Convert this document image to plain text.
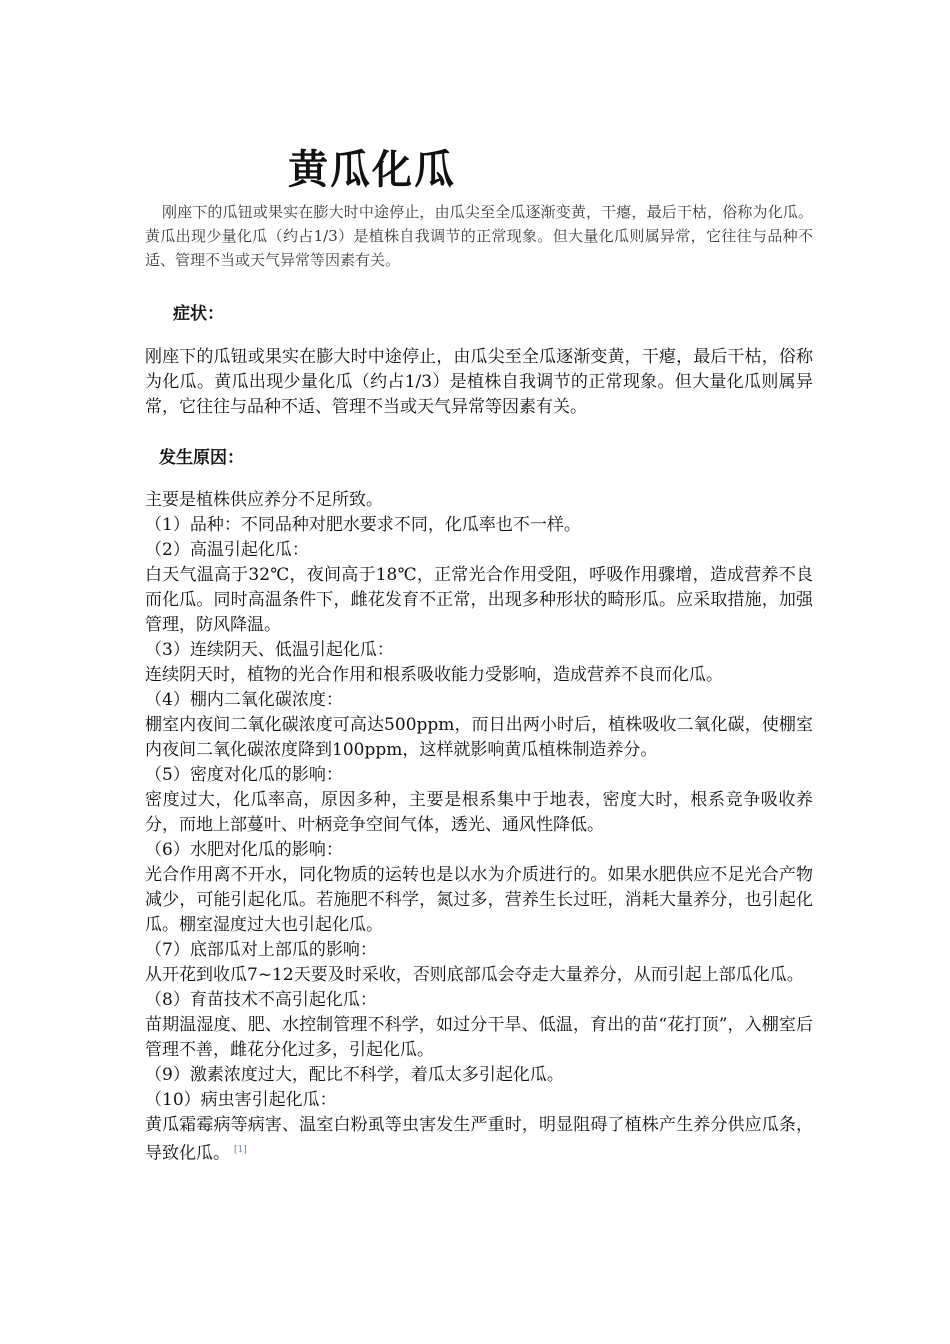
黄瓜化瓜

刚座下的瓜钮或果实在膨大时中途停止，由瓜尖至全瓜逐渐变黄，干瘪，最后干枯，俗称为化瓜。黄瓜出现少量化瓜（约占1/3）是植株自我调节的正常现象。但大量化瓜则属异常，它往往与品种不适、管理不当或天气异常等因素有关。

症状：

刚座下的瓜钮或果实在膨大时中途停止，由瓜尖至全瓜逐渐变黄，干瘪，最后干枯，俗称为化瓜。黄瓜出现少量化瓜（约占1/3）是植株自我调节的正常现象。但大量化瓜则属异常，它往往与品种不适、管理不当或天气异常等因素有关。

发生原因：

主要是植株供应养分不足所致。

（1）品种：不同品种对肥水要求不同，化瓜率也不一样。

（2）高温引起化瓜：

白天气温高于32℃，夜间高于18℃，正常光合作用受阻，呼吸作用骤增，造成营养不良而化瓜。同时高温条件下，雌花发育不正常，出现多种形状的畸形瓜。应采取措施，加强管理，防风降温。

（3）连续阴天、低温引起化瓜：

连续阴天时，植物的光合作用和根系吸收能力受影响，造成营养不良而化瓜。

（4）棚内二氧化碳浓度：

棚室内夜间二氧化碳浓度可高达500ppm，而日出两小时后，植株吸收二氧化碳，使棚室内夜间二氧化碳浓度降到100ppm，这样就影响黄瓜植株制造养分。

（5）密度对化瓜的影响：

密度过大，化瓜率高，原因多种，主要是根系集中于地表，密度大时，根系竞争吸收养分，而地上部蔓叶、叶柄竞争空间气体，透光、通风性降低。

（6）水肥对化瓜的影响：

光合作用离不开水，同化物质的运转也是以水为介质进行的。如果水肥供应不足光合产物减少，可能引起化瓜。若施肥不科学，氮过多，营养生长过旺，消耗大量养分，也引起化瓜。棚室湿度过大也引起化瓜。

（7）底部瓜对上部瓜的影响：

从开花到收瓜7~12天要及时采收，否则底部瓜会夺走大量养分，从而引起上部瓜化瓜。

（8）育苗技术不高引起化瓜：

苗期温湿度、肥、水控制管理不科学，如过分干旱、低温，育出的苗“花打顶”，入棚室后管理不善，雌花分化过多，引起化瓜。

（9）激素浓度过大，配比不科学，着瓜太多引起化瓜。

（10）病虫害引起化瓜：

黄瓜霜霉病等病害、温室白粉虱等虫害发生严重时，明显阻碍了植株产生养分供应瓜条，导致化瓜。 [1]
